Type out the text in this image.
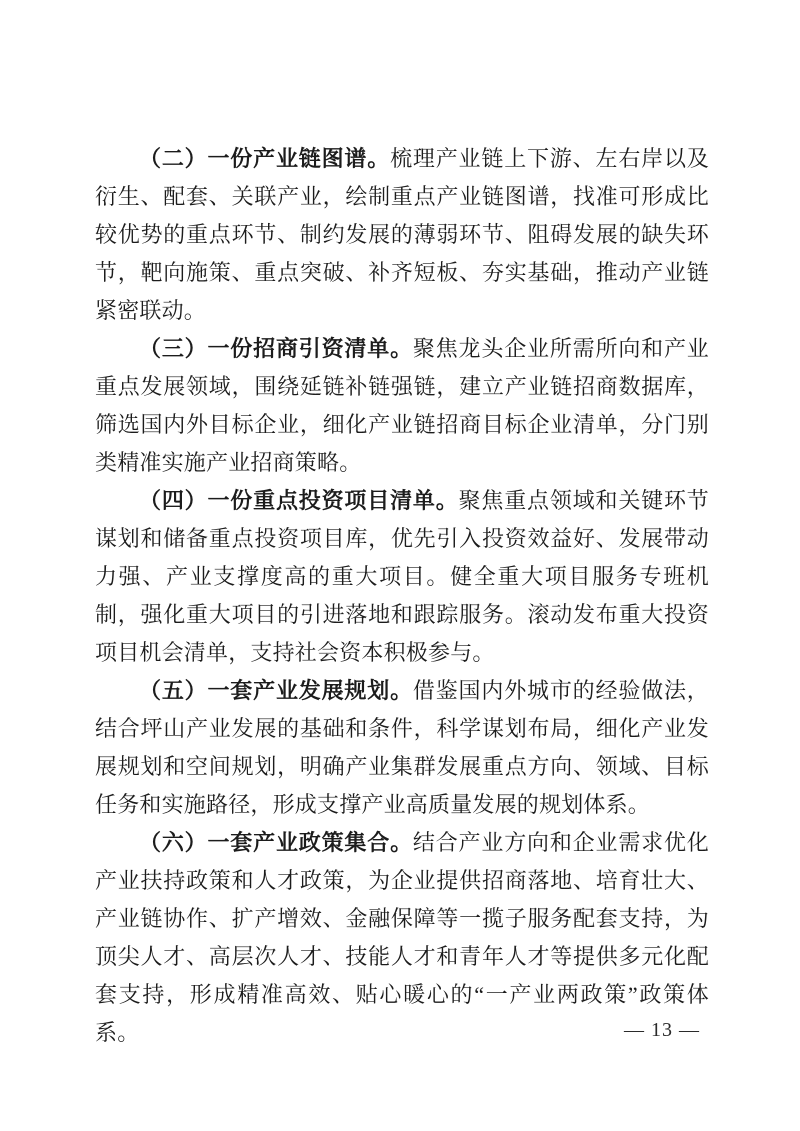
（二）一份产业链图谱。梳理产业链上下游、左右岸以及衍生、配套、关联产业，绘制重点产业链图谱，找准可形成比较优势的重点环节、制约发展的薄弱环节、阻碍发展的缺失环节，靶向施策、重点突破、补齐短板、夯实基础，推动产业链紧密联动。

（三）一份招商引资清单。聚焦龙头企业所需所向和产业重点发展领域，围绕延链补链强链，建立产业链招商数据库，筛选国内外目标企业，细化产业链招商目标企业清单，分门别类精准实施产业招商策略。

（四）一份重点投资项目清单。聚焦重点领域和关键环节谋划和储备重点投资项目库，优先引入投资效益好、发展带动力强、产业支撑度高的重大项目。健全重大项目服务专班机制，强化重大项目的引进落地和跟踪服务。滚动发布重大投资项目机会清单，支持社会资本积极参与。

（五）一套产业发展规划。借鉴国内外城市的经验做法，结合坪山产业发展的基础和条件，科学谋划布局，细化产业发展规划和空间规划，明确产业集群发展重点方向、领域、目标任务和实施路径，形成支撑产业高质量发展的规划体系。

（六）一套产业政策集合。结合产业方向和企业需求优化产业扶持政策和人才政策，为企业提供招商落地、培育壮大、产业链协作、扩产增效、金融保障等一揽子服务配套支持，为顶尖人才、高层次人才、技能人才和青年人才等提供多元化配套支持，形成精准高效、贴心暖心的“一产业两政策”政策体系。	— 13 —
